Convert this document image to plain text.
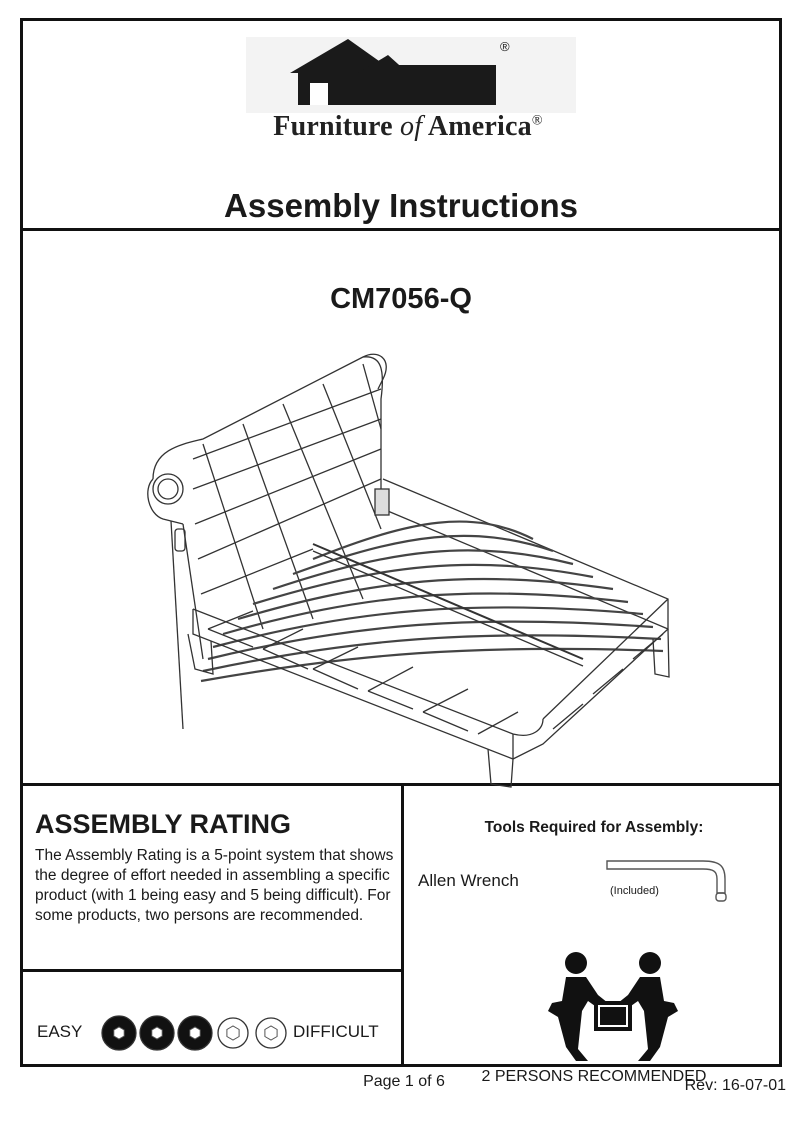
®
Furniture of America®
Assembly Instructions
CM7056-Q
ASSEMBLY RATING
The Assembly Rating is a 5-point system that shows the degree of effort needed in assembling a specific product (with 1 being easy and 5 being difficult). For some products, two persons are recommended.
EASY	DIFFICULT
Tools Required for Assembly:
Allen Wrench
(Included)
2 PERSONS RECOMMENDED
Page 1 of 6	Rev: 16-07-01
